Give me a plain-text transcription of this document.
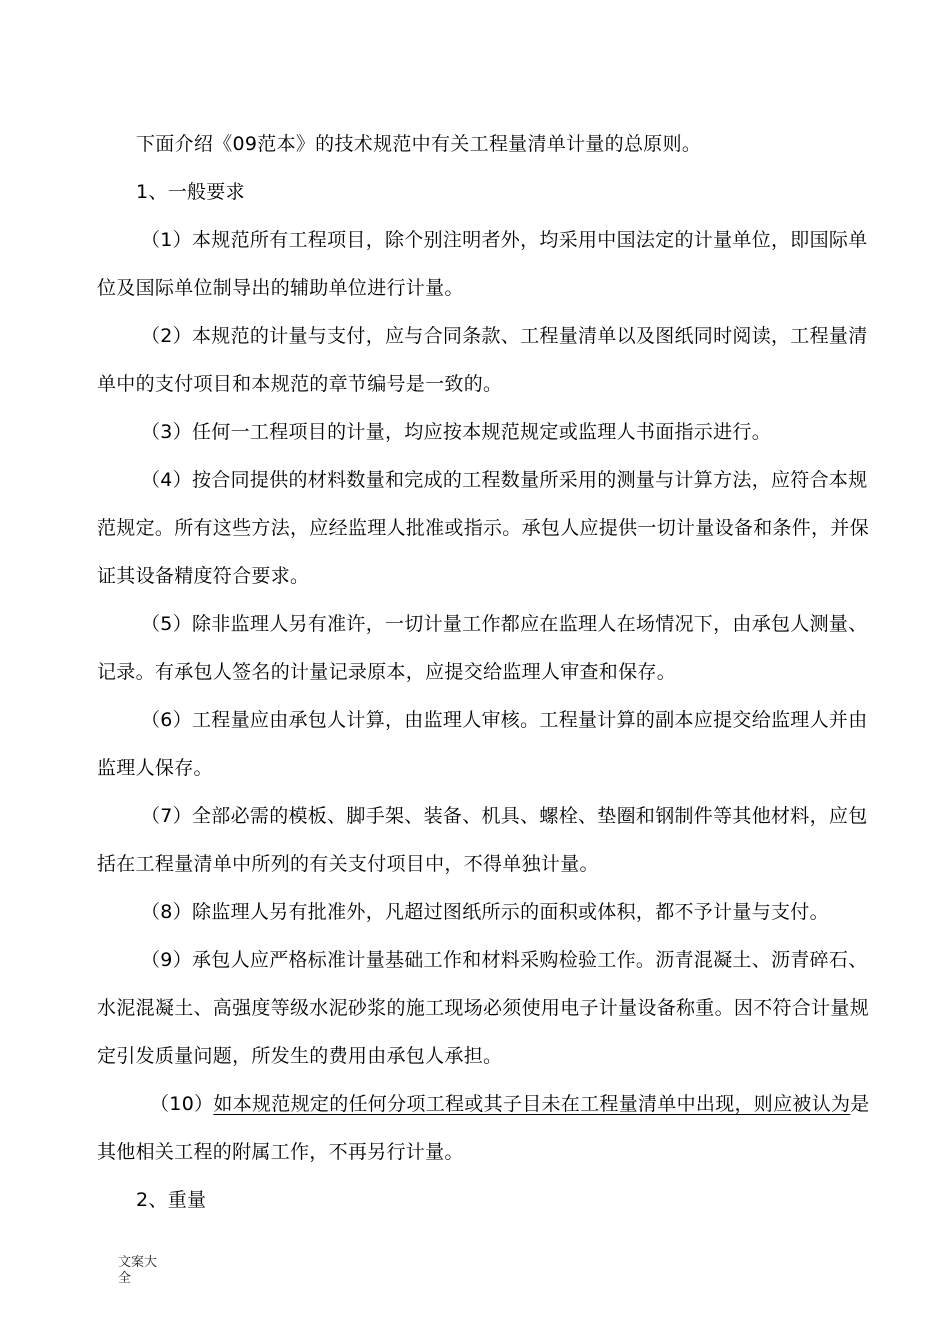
下面介绍《09范本》的技术规范中有关工程量清单计量的总原则。
1、一般要求
（1）本规范所有工程项目，除个别注明者外，均采用中国法定的计量单位，即国际单
位及国际单位制导出的辅助单位进行计量。
（2）本规范的计量与支付，应与合同条款、工程量清单以及图纸同时阅读，工程量清
单中的支付项目和本规范的章节编号是一致的。
（3）任何一工程项目的计量，均应按本规范规定或监理人书面指示进行。
（4）按合同提供的材料数量和完成的工程数量所采用的测量与计算方法，应符合本规
范规定。所有这些方法，应经监理人批准或指示。承包人应提供一切计量设备和条件，并保
证其设备精度符合要求。
（5）除非监理人另有准许，一切计量工作都应在监理人在场情况下，由承包人测量、
记录。有承包人签名的计量记录原本，应提交给监理人审查和保存。
（6）工程量应由承包人计算，由监理人审核。工程量计算的副本应提交给监理人并由
监理人保存。
（7）全部必需的模板、脚手架、装备、机具、螺栓、垫圈和钢制件等其他材料，应包
括在工程量清单中所列的有关支付项目中，不得单独计量。
（8）除监理人另有批准外，凡超过图纸所示的面积或体积，都不予计量与支付。
（9）承包人应严格标准计量基础工作和材料采购检验工作。沥青混凝土、沥青碎石、
水泥混凝土、高强度等级水泥砂浆的施工现场必须使用电子计量设备称重。因不符合计量规
定引发质量问题，所发生的费用由承包人承担。
（10）如本规范规定的任何分项工程或其子目未在工程量清单中出现，则应被认为是
其他相关工程的附属工作，不再另行计量。
2、重量
文案大
全
